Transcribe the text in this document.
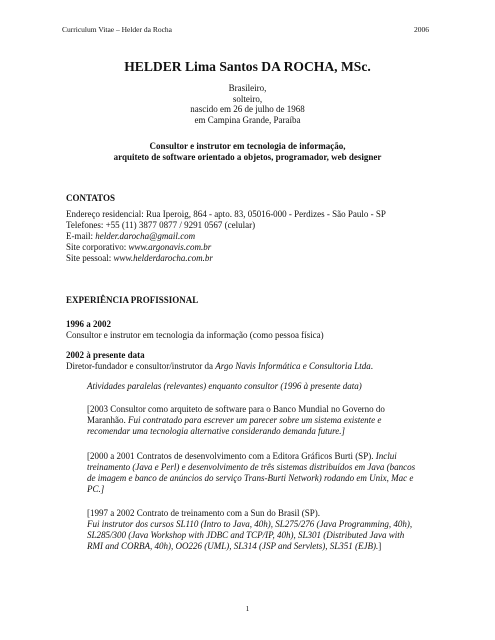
Curriculum Vitae – Helder da Rocha	2006
HELDER Lima Santos DA ROCHA, MSc.
Brasileiro,
solteiro,
nascido em 26 de julho de 1968
em Campina Grande, Paraíba
Consultor e instrutor em tecnologia de informação,
arquiteto de software orientado a objetos, programador, web designer
CONTATOS
Endereço residencial: Rua Iperoig, 864 - apto. 83, 05016-000 - Perdizes - São Paulo - SP
Telefones: +55 (11) 3877 0877 / 9291 0567 (celular)
E-mail: helder.darocha@gmail.com
Site corporativo: www.argonavis.com.br
Site pessoal: www.helderdarocha.com.br
EXPERIÊNCIA PROFISSIONAL
1996 a 2002
Consultor e instrutor em tecnologia da informação (como pessoa física)
2002 à presente data
Diretor-fundador e consultor/instrutor da Argo Navis Informática e Consultoria Ltda.
Atividades paralelas (relevantes) enquanto consultor (1996 à presente data)
[2003 Consultor como arquiteto de software para o Banco Mundial no Governo do Maranhão. Fui contratado para escrever um parecer sobre um sistema existente e recomendar uma tecnologia alternative considerando demanda future.]
[2000 a 2001 Contratos de desenvolvimento com a Editora Gráficos Burti (SP). Inclui treinamento (Java e Perl) e desenvolvimento de três sistemas distribuídos em Java (bancos de imagem e banco de anúncios do serviço Trans-Burti Network) rodando em Unix, Mac e PC.]
[1997 a 2002 Contrato de treinamento com a Sun do Brasil (SP).
Fui instrutor dos cursos SL110 (Intro to Java, 40h), SL275/276 (Java Programming, 40h), SL285/300 (Java Workshop with JDBC and TCP/IP, 40h), SL301 (Distributed Java with RMI and CORBA, 40h), OO226 (UML), SL314 (JSP and Servlets), SL351 (EJB).]
1
